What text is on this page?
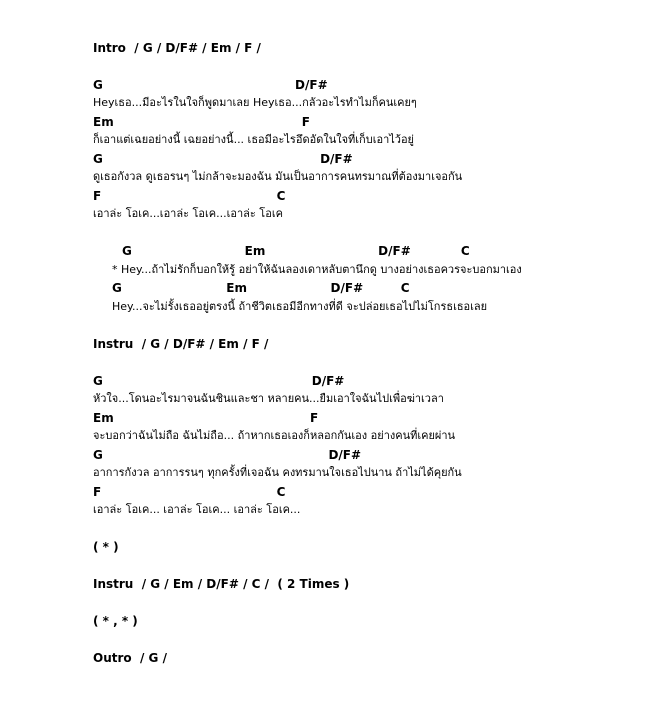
Intro  / G / D/F# / Em / F /
G                                              D/F#
Heyเธอ...มีอะไรในใจก็พูดมาเลย Heyเธอ...กลัวอะไรทำไมก็คนเคยๆ
Em                                             F
ก็เอาแต่เฉยอย่างนี้ เฉยอย่างนี้... เธอมีอะไรอึดอัดในใจที่เก็บเอาไว้อยู่
G                                                    D/F#
ดูเธอกังวล ดูเธอรนๆ ไม่กล้าจะมองฉัน มันเป็นอาการคนทรมาณที่ต้องมาเจอกัน
F                                          C
เอาล่ะ โอเค...เอาล่ะ โอเค...เอาล่ะ โอเค
G                           Em                           D/F#            C
* Hey...ถ้าไม่รักก็บอกให้รู้ อย่าให้ฉันลองเดาหลับตานึกดู บางอย่างเธอควรจะบอกมาเอง
G                         Em                    D/F#         C
Hey...จะไม่รั้งเธออยู่ตรงนี้ ถ้าชีวิตเธอมีอีกทางที่ดี จะปล่อยเธอไปไม่โกรธเธอเลย
Instru  / G / D/F# / Em / F /
G                                                  D/F#
หัวใจ...โดนอะไรมาจนฉันชินและชา หลายคน...ยืมเอาใจฉันไปเพื่อฆ่าเวลา
Em                                               F
จะบอกว่าฉันไม่ถือ ฉันไม่ถือ... ถ้าหากเธอเองก็หลอกกันเอง อย่างคนที่เคยผ่าน
G                                                      D/F#
อาการกังวล อาการรนๆ ทุกครั้งที่เจอฉัน คงทรมานใจเธอไปนาน ถ้าไม่ได้คุยกัน
F                                          C
เอาล่ะ โอเค... เอาล่ะ โอเค... เอาล่ะ โอเค...
( * )
Instru  / G / Em / D/F# / C /  ( 2 Times )
( * , * )
Outro  / G /
